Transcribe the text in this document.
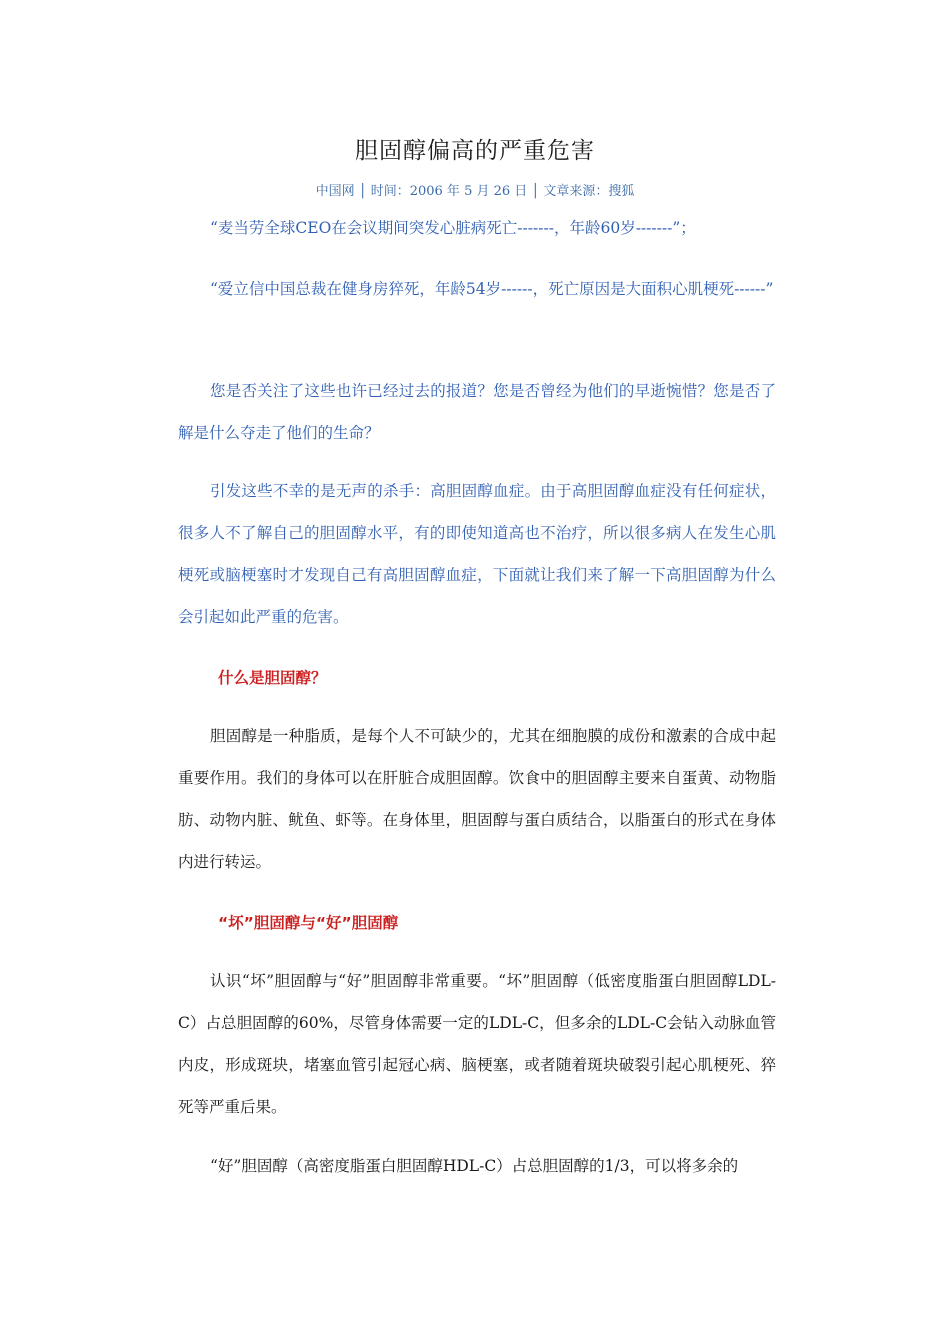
胆固醇偏高的严重危害
中国网 │ 时间：2006 年 5 月 26 日 │ 文章来源：搜狐
“麦当劳全球CEO在会议期间突发心脏病死亡-------，年龄60岁-------”；
“爱立信中国总裁在健身房猝死，年龄54岁------，死亡原因是大面积心肌梗死------”
您是否关注了这些也许已经过去的报道？您是否曾经为他们的早逝惋惜？您是否了解是什么夺走了他们的生命？
引发这些不幸的是无声的杀手：高胆固醇血症。由于高胆固醇血症没有任何症状，很多人不了解自己的胆固醇水平，有的即使知道高也不治疗，所以很多病人在发生心肌梗死或脑梗塞时才发现自己有高胆固醇血症，下面就让我们来了解一下高胆固醇为什么会引起如此严重的危害。
什么是胆固醇？
胆固醇是一种脂质，是每个人不可缺少的，尤其在细胞膜的成份和激素的合成中起重要作用。我们的身体可以在肝脏合成胆固醇。饮食中的胆固醇主要来自蛋黄、动物脂肪、动物内脏、鱿鱼、虾等。在身体里，胆固醇与蛋白质结合，以脂蛋白的形式在身体内进行转运。
“坏”胆固醇与“好”胆固醇
认识“坏”胆固醇与“好”胆固醇非常重要。“坏”胆固醇（低密度脂蛋白胆固醇LDL-C）占总胆固醇的60%，尽管身体需要一定的LDL-C，但多余的LDL-C会钻入动脉血管内皮，形成斑块，堵塞血管引起冠心病、脑梗塞，或者随着斑块破裂引起心肌梗死、猝死等严重后果。
“好”胆固醇（高密度脂蛋白胆固醇HDL-C）占总胆固醇的1/3，可以将多余的
